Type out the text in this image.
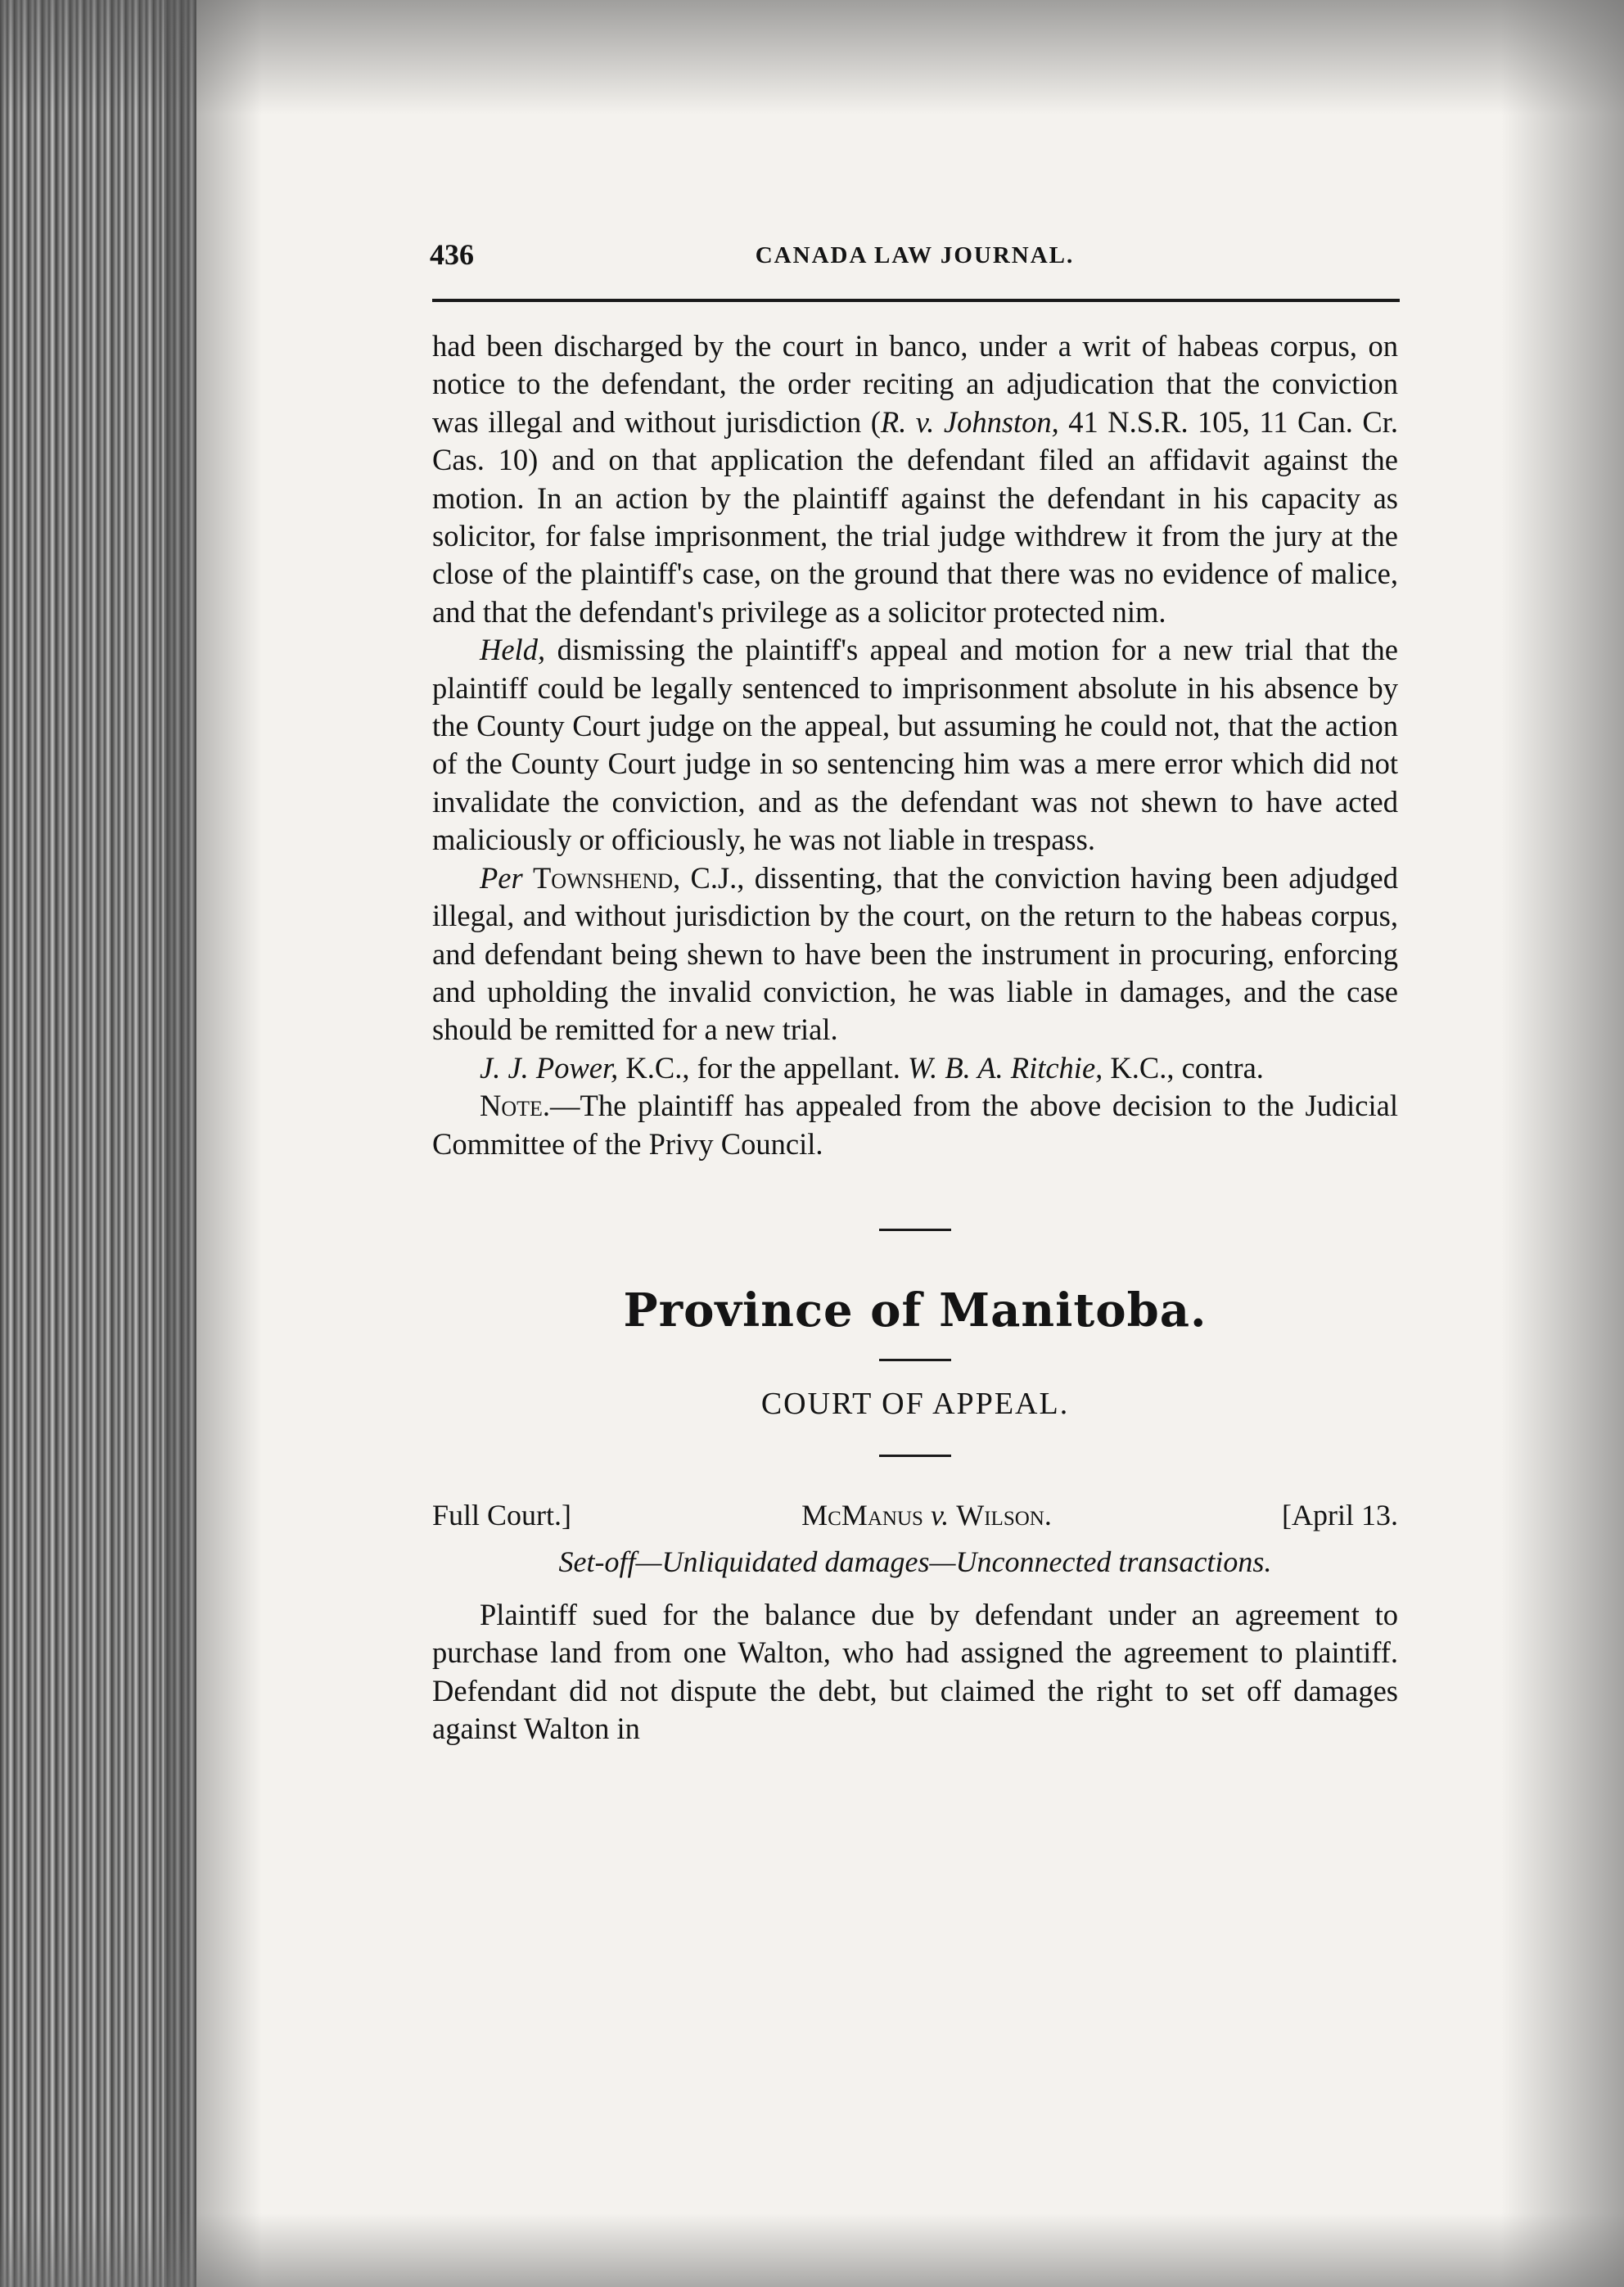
436	CANADA LAW JOURNAL.

had been discharged by the court in banco, under a writ of habeas corpus, on notice to the defendant, the order reciting an adjudication that the conviction was illegal and without jurisdiction (R. v. Johnston, 41 N.S.R. 105, 11 Can. Cr. Cas. 10) and on that application the defendant filed an affidavit against the motion. In an action by the plaintiff against the defendant in his capacity as solicitor, for false imprisonment, the trial judge withdrew it from the jury at the close of the plaintiff's case, on the ground that there was no evidence of malice, and that the defendant's privilege as a solicitor protected nim.

Held, dismissing the plaintiff's appeal and motion for a new trial that the plaintiff could be legally sentenced to imprisonment absolute in his absence by the County Court judge on the appeal, but assuming he could not, that the action of the County Court judge in so sentencing him was a mere error which did not invalidate the conviction, and as the defendant was not shewn to have acted maliciously or officiously, he was not liable in trespass.

Per Townshend, C.J., dissenting, that the conviction having been adjudged illegal, and without jurisdiction by the court, on the return to the habeas corpus, and defendant being shewn to have been the instrument in procuring, enforcing and upholding the invalid conviction, he was liable in damages, and the case should be remitted for a new trial.

J. J. Power, K.C., for the appellant. W. B. A. Ritchie, K.C., contra.

Note.—The plaintiff has appealed from the above decision to the Judicial Committee of the Privy Council.

Province of Manitoba.
COURT OF APPEAL.
Full Court.]	McManus v. Wilson.	[April 13.
Set-off—Unliquidated damages—Unconnected transactions.

Plaintiff sued for the balance due by defendant under an agreement to purchase land from one Walton, who had assigned the agreement to plaintiff. Defendant did not dispute the debt, but claimed the right to set off damages against Walton in
